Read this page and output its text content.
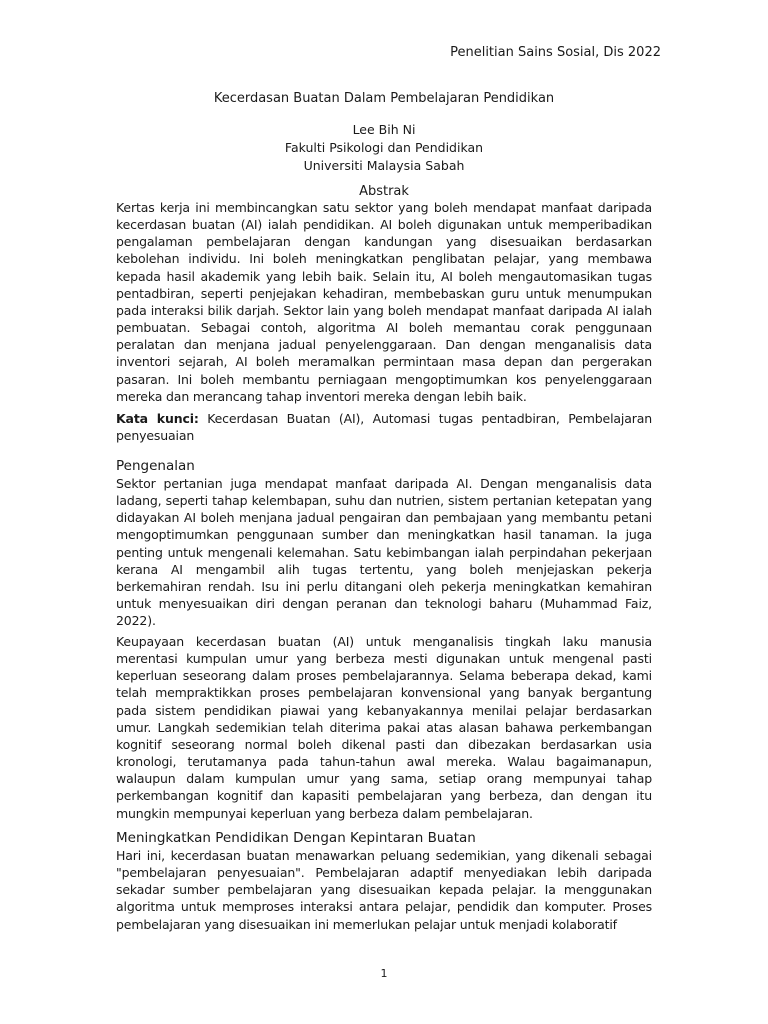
Penelitian Sains Sosial, Dis 2022
Kecerdasan Buatan Dalam Pembelajaran Pendidikan
Lee Bih Ni
Fakulti Psikologi dan Pendidikan
Universiti Malaysia Sabah
Abstrak

Kertas kerja ini membincangkan satu sektor yang boleh mendapat manfaat daripada kecerdasan buatan (AI) ialah pendidikan. AI boleh digunakan untuk memperibadikan pengalaman pembelajaran dengan kandungan yang disesuaikan berdasarkan kebolehan individu. Ini boleh meningkatkan penglibatan pelajar, yang membawa kepada hasil akademik yang lebih baik. Selain itu, AI boleh mengautomasikan tugas pentadbiran, seperti penjejakan kehadiran, membebaskan guru untuk menumpukan pada interaksi bilik darjah. Sektor lain yang boleh mendapat manfaat daripada AI ialah pembuatan. Sebagai contoh, algoritma AI boleh memantau corak penggunaan peralatan dan menjana jadual penyelenggaraan. Dan dengan menganalisis data inventori sejarah, AI boleh meramalkan permintaan masa depan dan pergerakan pasaran. Ini boleh membantu perniagaan mengoptimumkan kos penyelenggaraan mereka dan merancang tahap inventori mereka dengan lebih baik.

Kata kunci: Kecerdasan Buatan (AI), Automasi tugas pentadbiran, Pembelajaran penyesuaian

Pengenalan

Sektor pertanian juga mendapat manfaat daripada AI. Dengan menganalisis data ladang, seperti tahap kelembapan, suhu dan nutrien, sistem pertanian ketepatan yang didayakan AI boleh menjana jadual pengairan dan pembajaan yang membantu petani mengoptimumkan penggunaan sumber dan meningkatkan hasil tanaman. Ia juga penting untuk mengenali kelemahan. Satu kebimbangan ialah perpindahan pekerjaan kerana AI mengambil alih tugas tertentu, yang boleh menjejaskan pekerja berkemahiran rendah. Isu ini perlu ditangani oleh pekerja meningkatkan kemahiran untuk menyesuaikan diri dengan peranan dan teknologi baharu (Muhammad Faiz, 2022).

Keupayaan kecerdasan buatan (AI) untuk menganalisis tingkah laku manusia merentasi kumpulan umur yang berbeza mesti digunakan untuk mengenal pasti keperluan seseorang dalam proses pembelajarannya. Selama beberapa dekad, kami telah mempraktikkan proses pembelajaran konvensional yang banyak bergantung pada sistem pendidikan piawai yang kebanyakannya menilai pelajar berdasarkan umur. Langkah sedemikian telah diterima pakai atas alasan bahawa perkembangan kognitif seseorang normal boleh dikenal pasti dan dibezakan berdasarkan usia kronologi, terutamanya pada tahun-tahun awal mereka. Walau bagaimanapun, walaupun dalam kumpulan umur yang sama, setiap orang mempunyai tahap perkembangan kognitif dan kapasiti pembelajaran yang berbeza, dan dengan itu mungkin mempunyai keperluan yang berbeza dalam pembelajaran.

Meningkatkan Pendidikan Dengan Kepintaran Buatan

Hari ini, kecerdasan buatan menawarkan peluang sedemikian, yang dikenali sebagai "pembelajaran penyesuaian". Pembelajaran adaptif menyediakan lebih daripada sekadar sumber pembelajaran yang disesuaikan kepada pelajar. Ia menggunakan algoritma untuk memproses interaksi antara pelajar, pendidik dan komputer. Proses pembelajaran yang disesuaikan ini memerlukan pelajar untuk menjadi kolaboratif

1
